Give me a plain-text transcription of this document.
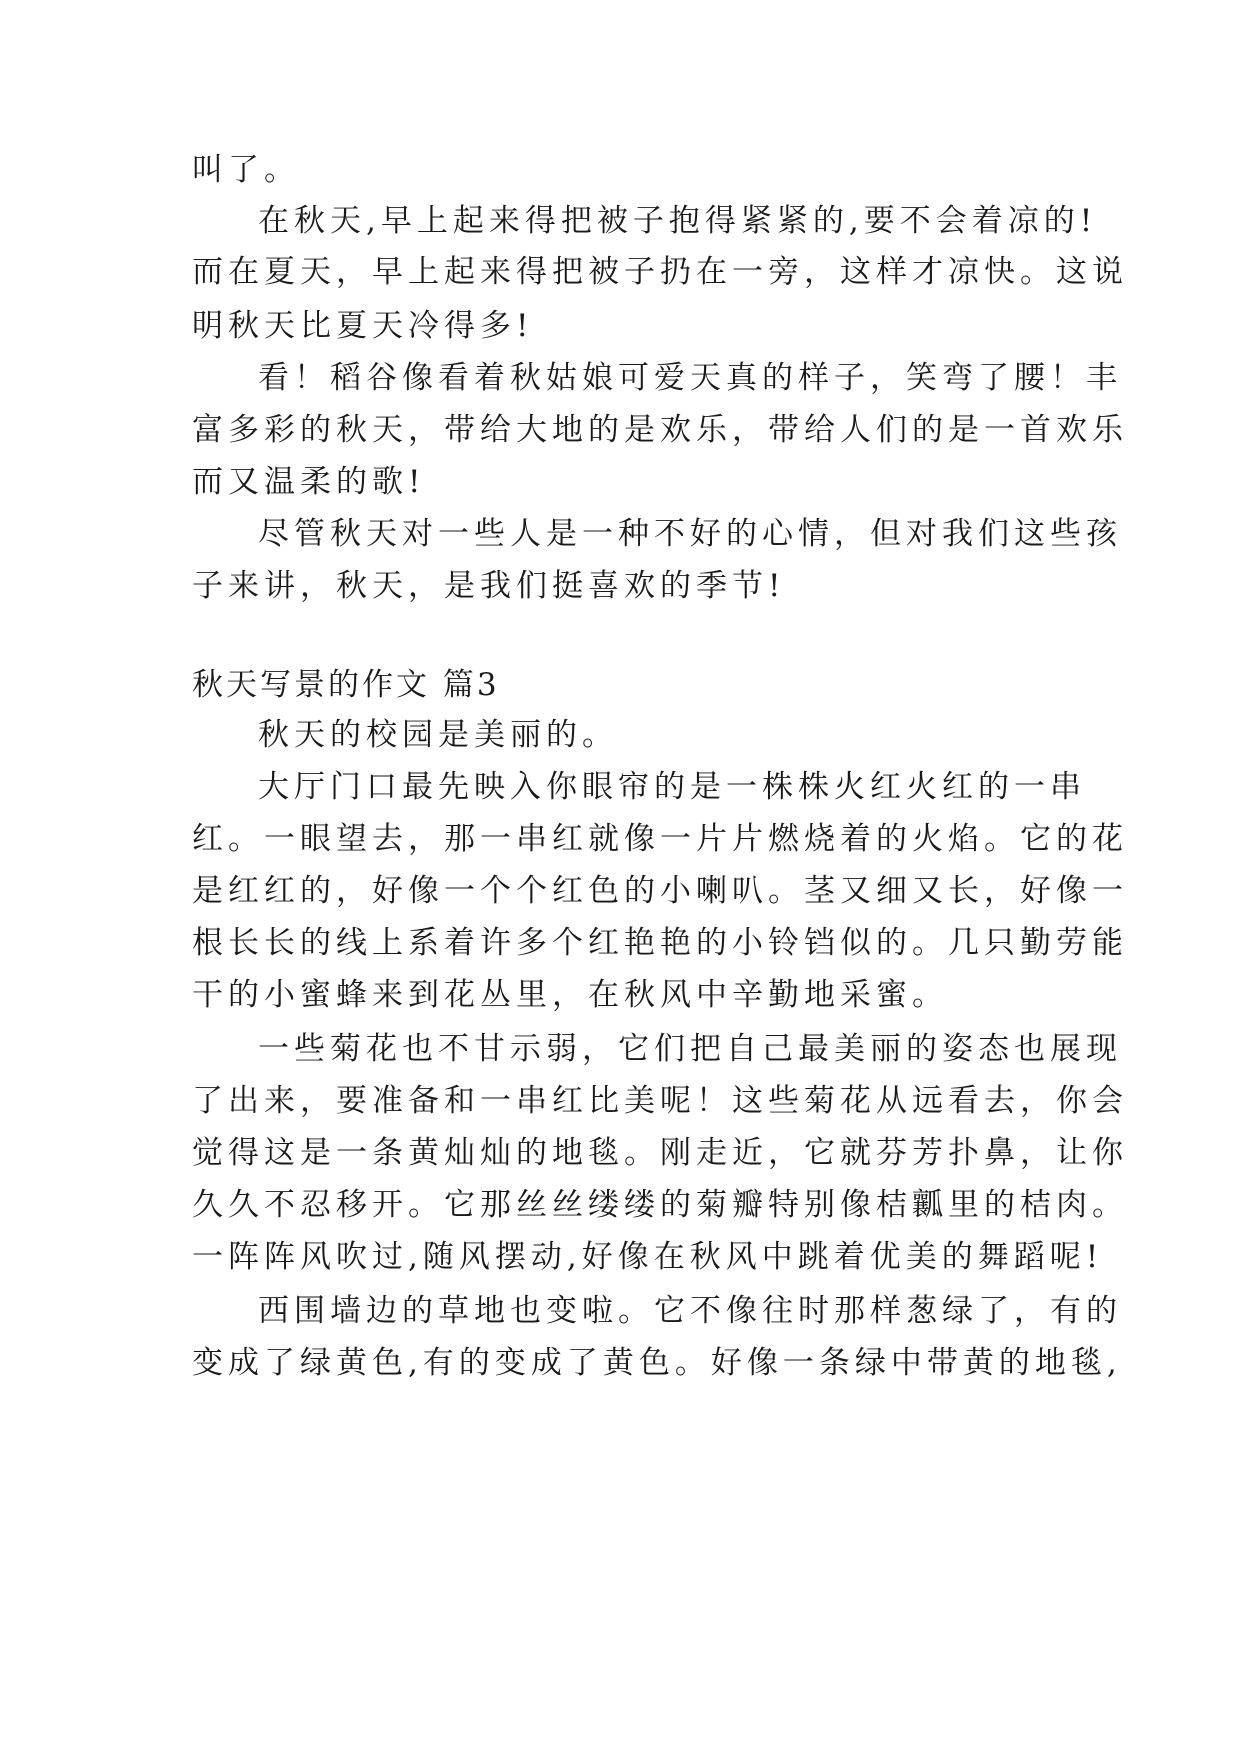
叫了。
在秋天,早上起来得把被子抱得紧紧的,要不会着凉的!
而在夏天，早上起来得把被子扔在一旁，这样才凉快。这说
明秋天比夏天冷得多!
看！稻谷像看着秋姑娘可爱天真的样子，笑弯了腰！丰
富多彩的秋天，带给大地的是欢乐，带给人们的是一首欢乐
而又温柔的歌!
尽管秋天对一些人是一种不好的心情，但对我们这些孩
子来讲，秋天，是我们挺喜欢的季节!
秋天写景的作文 篇3
秋天的校园是美丽的。
大厅门口最先映入你眼帘的是一株株火红火红的一串
红。一眼望去，那一串红就像一片片燃烧着的火焰。它的花
是红红的，好像一个个红色的小喇叭。茎又细又长，好像一
根长长的线上系着许多个红艳艳的小铃铛似的。几只勤劳能
干的小蜜蜂来到花丛里，在秋风中辛勤地采蜜。
一些菊花也不甘示弱，它们把自己最美丽的姿态也展现
了出来，要准备和一串红比美呢！这些菊花从远看去，你会
觉得这是一条黄灿灿的地毯。刚走近，它就芬芳扑鼻，让你
久久不忍移开。它那丝丝缕缕的菊瓣特别像桔瓤里的桔肉。
一阵阵风吹过,随风摆动,好像在秋风中跳着优美的舞蹈呢!
西围墙边的草地也变啦。它不像往时那样葱绿了，有的
变成了绿黄色,有的变成了黄色。好像一条绿中带黄的地毯,
